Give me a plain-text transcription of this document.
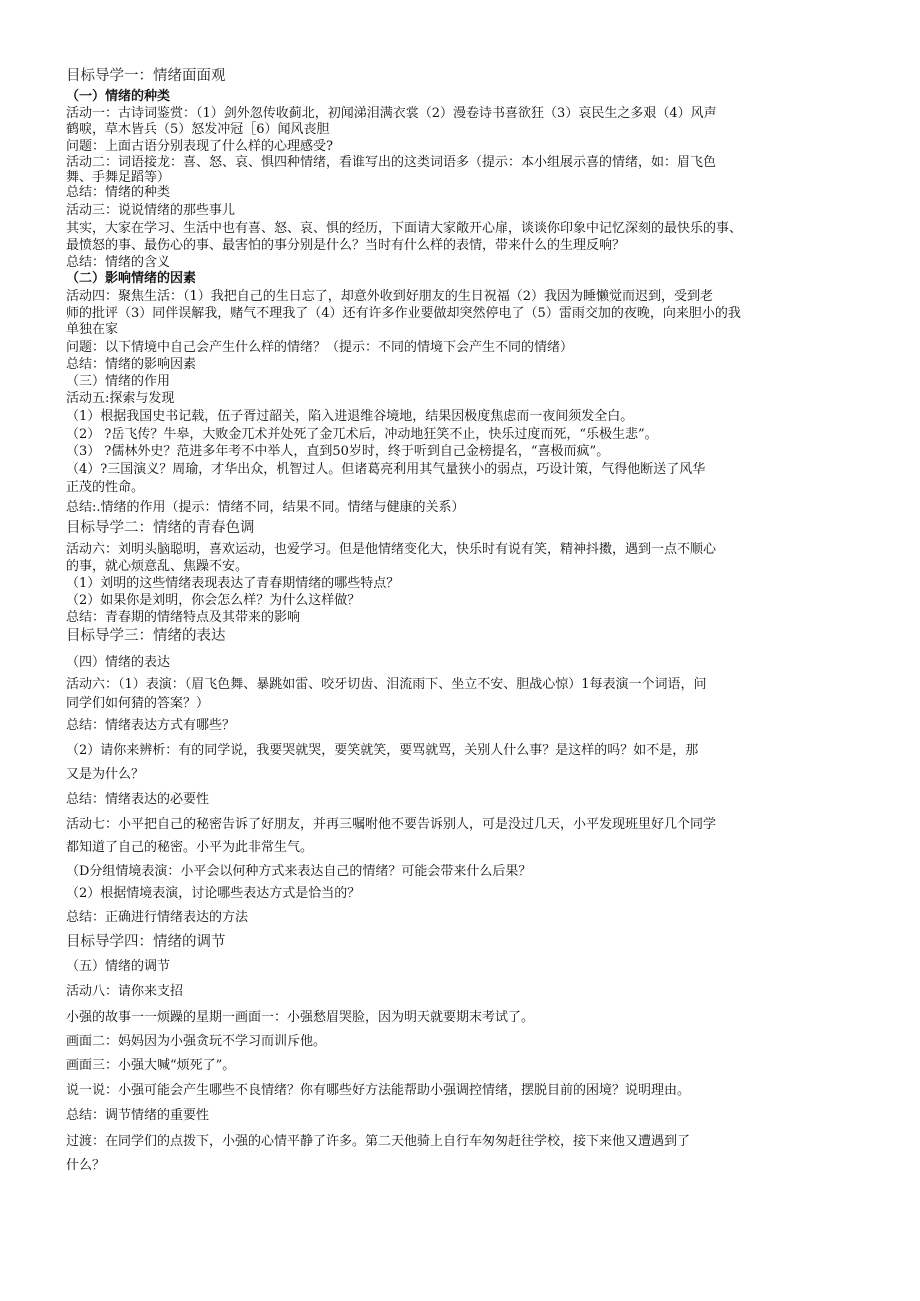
目标导学一：情绪面面观
（一）情绪的种类
活动一：古诗词鉴赏：（1）剑外忽传收蓟北，初闻涕泪满衣裳（2）漫卷诗书喜欲狂（3）哀民生之多艰（4）风声
鹤唳，草木皆兵（5）怒发冲冠［6）闻风丧胆
问题：上面古语分别表现了什么样的心理感受?
活动二：词语接龙：喜、怒、哀、惧四种情绪，看谁写出的这类词语多（提示：本小组展示喜的情绪，如：眉飞色
舞、手舞足蹈等）
总结：情绪的种类
活动三：说说情绪的那些事儿
其实，大家在学习、生活中也有喜、怒、哀、惧的经历，下面请大家敞开心扉，谈谈你印象中记忆深刻的最快乐的事、
最愤怒的事、最伤心的事、最害怕的事分别是什么？当时有什么样的表情，带来什么的生理反响？
总结：情绪的含义
（二）影响情绪的因素
活动四：聚焦生活：（1）我把自己的生日忘了，却意外收到好朋友的生日祝福（2）我因为睡懒觉而迟到，受到老
师的批评（3）同伴误解我，赌气不理我了（4）还有许多作业要做却突然停电了（5）雷雨交加的夜晚，向来胆小的我
单独在家
问题：以下情境中自己会产生什么样的情绪？（提示：不同的情境下会产生不同的情绪）
总结：情绪的影响因素
（三）情绪的作用
活动五:探索与发现
（1）根据我国史书记载，伍子胥过韶关，陷入进退维谷境地，结果因极度焦虑而一夜间须发全白。
（2） ?岳飞传？牛皋，大败金兀术并处死了金兀术后，冲动地狂笑不止，快乐过度而死，“乐极生悲”。
（3） ?儒林外史？范进多年考不中举人，直到50岁时，终于听到自己金榜提名，“喜极而疯”。
（4）?三国演义？周瑜，才华出众，机智过人。但诸葛亮利用其气量狭小的弱点，巧设计策，气得他断送了风华
正茂的性命。
总结:.情绪的作用（提示：情绪不同，结果不同。情绪与健康的关系）
目标导学二：情绪的青春色调
活动六：刘明头脑聪明，喜欢运动，也爱学习。但是他情绪变化大，快乐时有说有笑，精神抖擞，遇到一点不顺心
的事，就心烦意乱、焦躁不安。
（1）刘明的这些情绪表现表达了青春期情绪的哪些特点？
（2）如果你是刘明，你会怎么样？为什么这样做？
总结：青春期的情绪特点及其带来的影响
目标导学三：情绪的表达
（四）情绪的表达
活动六：（1）表演：（眉飞色舞、暴跳如雷、咬牙切齿、泪流雨下、坐立不安、胆战心惊）1每表演一个词语，问
同学们如何猜的答案？）
总结：情绪表达方式有哪些？
（2）请你来辨析：有的同学说，我要哭就哭，要笑就笑，要骂就骂，关别人什么事？是这样的吗？如不是，那
又是为什么？
总结：情绪表达的必要性
活动七：小平把自己的秘密告诉了好朋友，并再三嘱咐他不要告诉别人，可是没过几天，小平发现班里好几个同学
都知道了自己的秘密。小平为此非常生气。
（D分组情境表演：小平会以何种方式来表达自己的情绪？可能会带来什么后果？
（2）根据情境表演，讨论哪些表达方式是恰当的？
总结：正确进行情绪表达的方法
目标导学四：情绪的调节
（五）情绪的调节
活动八：请你来支招
小强的故事一一烦躁的星期一画面一：小强愁眉哭脸，因为明天就要期末考试了。
画面二：妈妈因为小强贪玩不学习而训斥他。
画面三：小强大喊“烦死了”。
说一说：小强可能会产生哪些不良情绪？你有哪些好方法能帮助小强调控情绪，摆脱目前的困境？说明理由。
总结：调节情绪的重要性
过渡：在同学们的点拨下，小强的心情平静了许多。第二天他骑上自行车匆匆赶往学校，接下来他又遭遇到了
什么？
